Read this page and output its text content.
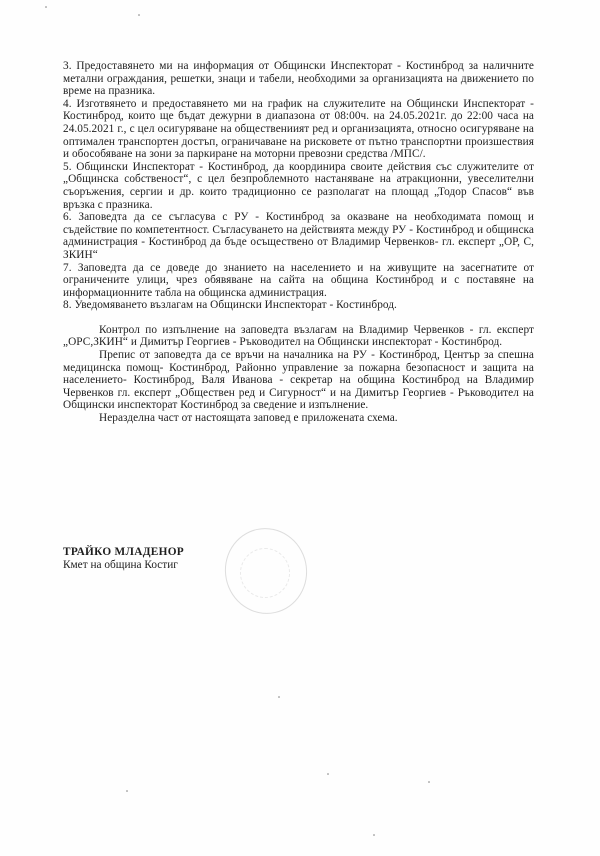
3. Предоставянето ми на информация от Общински Инспекторат - Костинброд за наличните метални ограждания, решетки, знаци и табели, необходими за организацията на движението по време на празника.

4. Изготвянето и предоставянето ми на график на служителите на Общински Инспекторат - Костинброд, които ще бъдат дежурни в диапазона от 08:00ч. на 24.05.2021г. до 22:00 часа на 24.05.2021 г., с цел осигуряване на обществениият ред и организацията, относно осигуряване на оптимален транспортен достъп, ограничаване на рисковете от пътно транспортни произшествия и обособяване на зони за паркиране на моторни превозни средства /МПС/.

5. Общински Инспекторат - Костинброд, да координира своите действия със служителите от „Общинска собственост“, с цел безпроблемното настаняване на атракционни, увеселителни съоръжения, сергии и др. които традиционно се разполагат на площад „Тодор Спасов“ във връзка с празника.

6. Заповедта да се съгласува с РУ - Костинброд за оказване на необходимата помощ и съдействие по компетентност. Съгласуването на действията между РУ - Костинброд и общинска администрация - Костинброд да бъде осъществено от Владимир Червенков- гл. експерт „ОР, С, ЗКИН“

7. Заповедта да се доведе до знанието на населението и на живущите на засегнатите от ограничените улици, чрез обявяване на сайта на община Костинброд и с поставяне на информационните табла на общинска администрация.

8. Уведомяването възлагам на Общински Инспекторат - Костинброд.

Контрол по изпълнение на заповедта възлагам на Владимир Червенков - гл. експерт „ОРС,ЗКИН“ и Димитър Георгиев - Ръководител на Общински инспекторат - Костинброд.

Препис от заповедта да се връчи на началника на РУ - Костинброд, Център за спешна медицинска помощ- Костинброд, Районно управление за пожарна безопасност и защита на населението- Костинброд, Валя Иванова - секретар на община Костинброд на Владимир Червенков гл. експерт „Обществен ред и Сигурност“ и на Димитър Георгиев - Ръководител на Общински инспекторат Костинброд за сведение и изпълнение.

Неразделна част от настоящата заповед е приложената схема.

ТРАЙКО МЛАДЕНОР
Кмет на община Костиг
